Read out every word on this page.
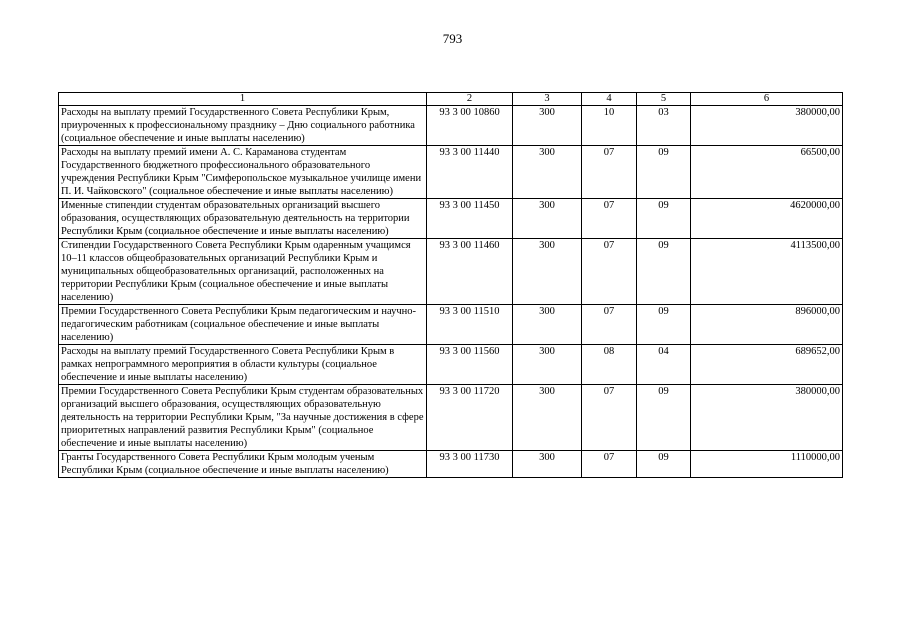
793
1	2	3	4	5	6
Расходы на выплату премий Государственного Совета Республики Крым, приуроченных к профессиональному празднику – Дню социального работника (социальное обеспечение и иные выплаты населению)	93 3 00 10860	300	10	03	380000,00
Расходы на выплату премий имени А. С. Караманова студентам Государственного бюджетного профессионального образовательного учреждения Республики Крым "Симферопольское музыкальное училище имени П. И. Чайковского" (социальное обеспечение и иные выплаты населению)	93 3 00 11440	300	07	09	66500,00
Именные стипендии студентам образовательных организаций высшего образования, осуществляющих образовательную деятельность на территории Республики Крым (социальное обеспечение и иные выплаты населению)	93 3 00 11450	300	07	09	4620000,00
Стипендии Государственного Совета Республики Крым одаренным учащимся 10–11 классов общеобразовательных организаций Республики Крым и муниципальных общеобразовательных организаций, расположенных на территории Республики Крым (социальное обеспечение и иные выплаты населению)	93 3 00 11460	300	07	09	4113500,00
Премии Государственного Совета Республики Крым педагогическим и научно-педагогическим работникам (социальное обеспечение и иные выплаты населению)	93 3 00 11510	300	07	09	896000,00
Расходы на выплату премий Государственного Совета Республики Крым в рамках непрограммного мероприятия в области культуры (социальное обеспечение и иные выплаты населению)	93 3 00 11560	300	08	04	689652,00
Премии Государственного Совета Республики Крым студентам образовательных организаций высшего образования, осуществляющих образовательную деятельность на территории Республики Крым, "За научные достижения в сфере приоритетных направлений развития Республики Крым" (социальное обеспечение и иные выплаты населению)	93 3 00 11720	300	07	09	380000,00
Гранты Государственного Совета Республики Крым молодым ученым Республики Крым (социальное обеспечение и иные выплаты населению)	93 3 00 11730	300	07	09	1110000,00
